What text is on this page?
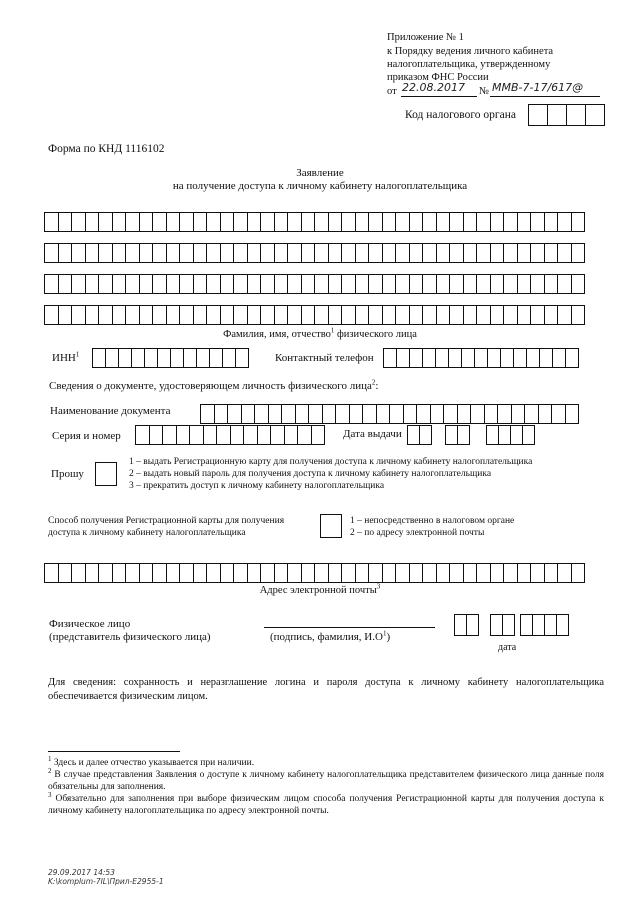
Приложение № 1
к Порядку ведения личного кабинета
налогоплательщика, утвержденному
приказом ФНС России
от 22.08.2017 № ММВ-7-17/617@
Код налогового органа
Форма по КНД 1116102
Заявление
на получение доступа к личному кабинету налогоплательщика
Фамилия, имя, отчество$^1$ физического лица
ИНН$^1$	Контактный телефон
Сведения о документе, удостоверяющем личность физического лица$^2$:
Наименование документа
Серия и номер	Дата выдачи
Прошу
1 – выдать Регистрационную карту для получения доступа к личному кабинету налогоплательщика
2 – выдать новый пароль для получения доступа к личному кабинету налогоплательщика
3 – прекратить доступ к личному кабинету налогоплательщика
Способ получения Регистрационной карты для получения
доступа к личному кабинету налогоплательщика
1 – непосредственно в налоговом органе
2 – по адресу электронной почты
Адрес электронной почты$^3$
Физическое лицо
(представитель физического лица)	(подпись, фамилия, $И.О^1$)
дата
Для сведения: сохранность и неразглашение логина и пароля доступа к личному кабинету налогоплательщика обеспечивается физическим лицом.
$^1$ Здесь и далее отчество указывается при наличии.
$^2$ В случае представления Заявления о доступе к личному кабинету налогоплательщика представителем физического лица данные поля обязательны для заполнения.
$^3$ Обязательно для заполнения при выборе физическим лицом способа получения Регистрационной карты для получения доступа к личному кабинету налогоплательщика по адресу электронной почты.
29.09.2017 14:53
K:\komplum-7IL\Прил-E2955-1
